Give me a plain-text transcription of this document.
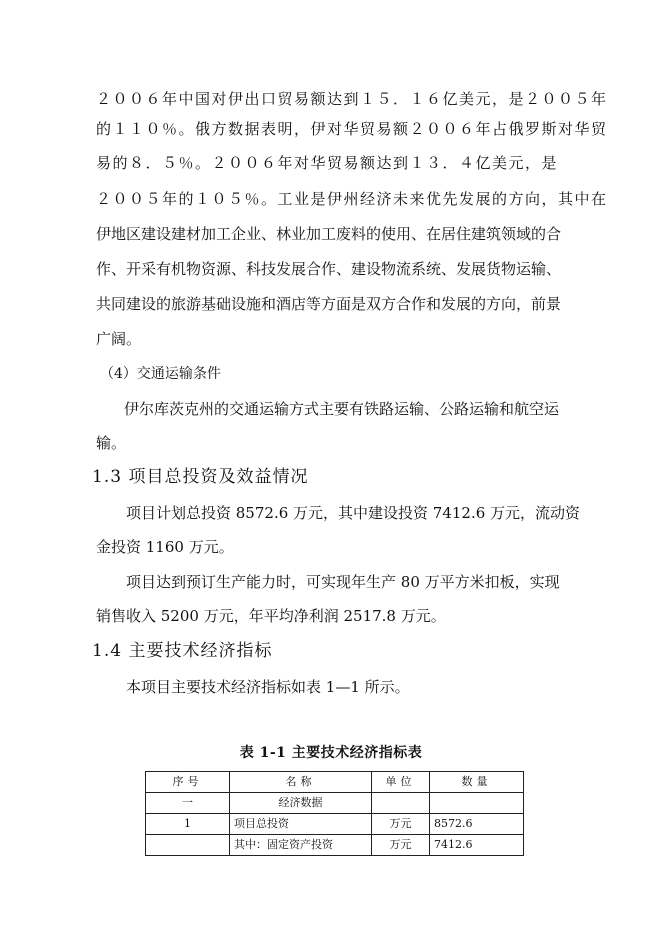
２００６年中国对伊出口贸易额达到１５．１６亿美元，是２００５年
的１１０％。俄方数据表明，伊对华贸易额２００６年占俄罗斯对华贸
易的８．５％。２００６年对华贸易额达到１３．４亿美元，是
２００５年的１０５％。工业是伊州经济未来优先发展的方向，其中在
伊地区建设建材加工企业、林业加工废料的使用、在居住建筑领域的合
作、开采有机物资源、科技发展合作、建设物流系统、发展货物运输、
共同建设的旅游基础设施和酒店等方面是双方合作和发展的方向，前景
广阔。
（4）交通运输条件
伊尔库茨克州的交通运输方式主要有铁路运输、公路运输和航空运
输。
1.3 项目总投资及效益情况
项目计划总投资 8572.6 万元，其中建设投资 7412.6 万元，流动资
金投资 1160 万元。
项目达到预订生产能力时，可实现年生产 80 万平方米扣板，实现
销售收入 5200 万元，年平均净利润 2517.8 万元。
1.4 主要技术经济指标
本项目主要技术经济指标如表 1—1 所示。
表 1-1 主要技术经济指标表
序号	名称	单位	数量
一	经济数据		
1	项目总投资	万元	8572.6
	其中：固定资产投资	万元	7412.6
